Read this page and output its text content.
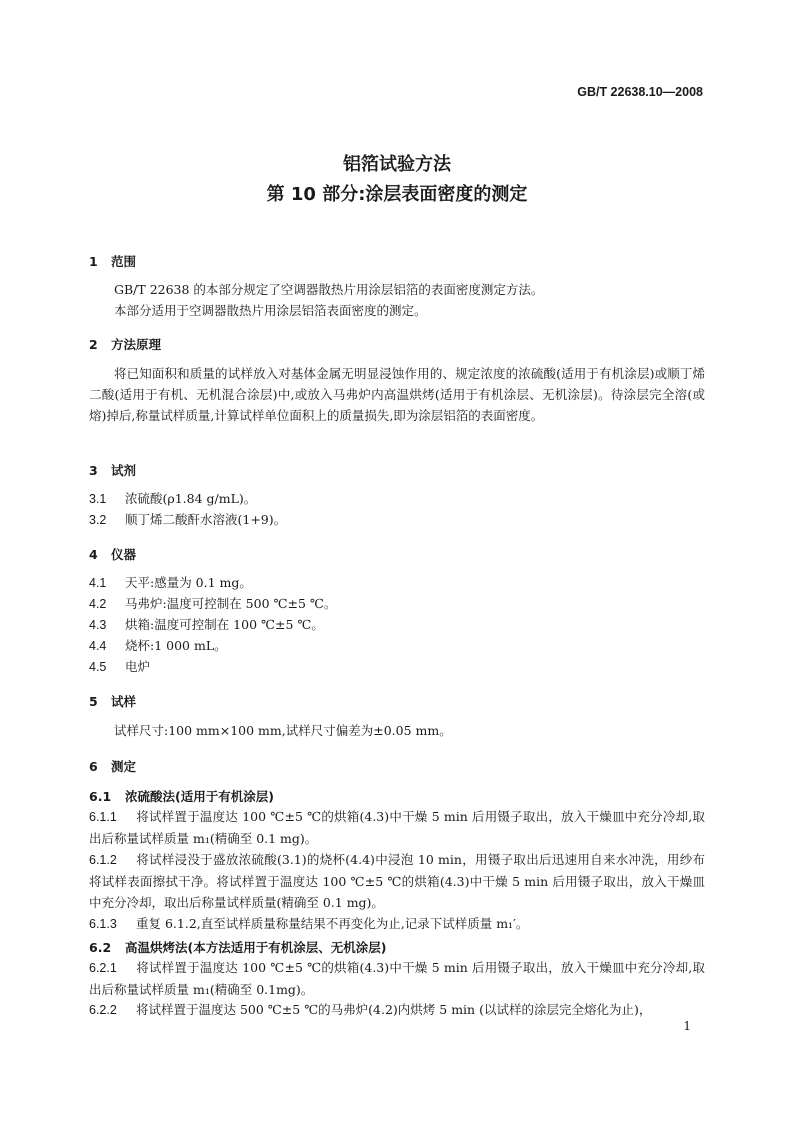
GB/T 22638.10—2008
铝箔试验方法
第 10 部分:涂层表面密度的测定
1 范围
GB/T 22638 的本部分规定了空调器散热片用涂层铝箔的表面密度测定方法。
本部分适用于空调器散热片用涂层铝箔表面密度的测定。
2 方法原理
将已知面积和质量的试样放入对基体金属无明显浸蚀作用的、规定浓度的浓硫酸(适用于有机涂层)或顺丁烯二酸(适用于有机、无机混合涂层)中,或放入马弗炉内高温烘烤(适用于有机涂层、无机涂层)。待涂层完全溶(或熔)掉后,称量试样质量,计算试样单位面积上的质量损失,即为涂层铝箔的表面密度。
3 试剂
3.1 浓硫酸(ρ1.84 g/mL)。
3.2 顺丁烯二酸酐水溶液(1+9)。
4 仪器
4.1 天平:感量为 0.1 mg。
4.2 马弗炉:温度可控制在 500 ℃±5 ℃。
4.3 烘箱:温度可控制在 100 ℃±5 ℃。
4.4 烧杯:1 000 mL。
4.5 电炉
5 试样
试样尺寸:100 mm×100 mm,试样尺寸偏差为±0.05 mm。
6 测定
6.1 浓硫酸法(适用于有机涂层)
6.1.1 将试样置于温度达 100 ℃±5 ℃的烘箱(4.3)中干燥 5 min 后用镊子取出，放入干燥皿中充分冷却,取出后称量试样质量 m₁(精确至 0.1 mg)。
6.1.2 将试样浸没于盛放浓硫酸(3.1)的烧杯(4.4)中浸泡 10 min，用镊子取出后迅速用自来水冲洗，用纱布将试样表面擦拭干净。将试样置于温度达 100 ℃±5 ℃的烘箱(4.3)中干燥 5 min 后用镊子取出，放入干燥皿中充分冷却，取出后称量试样质量(精确至 0.1 mg)。
6.1.3 重复 6.1.2,直至试样质量称量结果不再变化为止,记录下试样质量 m₁′。
6.2 高温烘烤法(本方法适用于有机涂层、无机涂层)
6.2.1 将试样置于温度达 100 ℃±5 ℃的烘箱(4.3)中干燥 5 min 后用镊子取出，放入干燥皿中充分冷却,取出后称量试样质量 m₁(精确至 0.1mg)。
6.2.2 将试样置于温度达 500 ℃±5 ℃的马弗炉(4.2)内烘烤 5 min (以试样的涂层完全熔化为止)，
1
